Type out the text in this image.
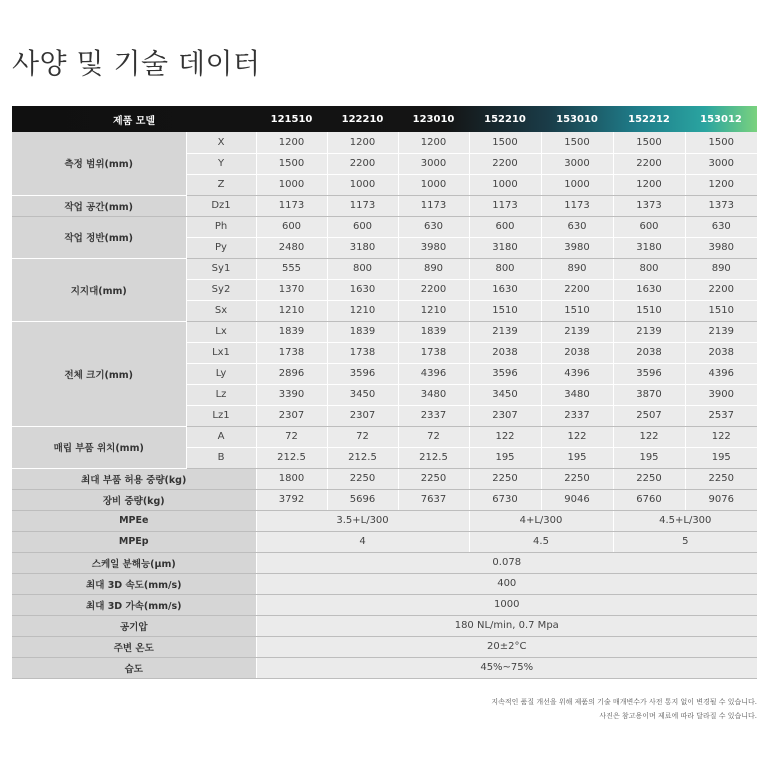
사양 및 기술 데이터
제품 모델		121510	122210	123010	152210	153010	152212	153012
측정 범위(mm)	X	1200	1200	1200	1500	1500	1500	1500
	Y	1500	2200	3000	2200	3000	2200	3000
	Z	1000	1000	1000	1000	1000	1200	1200
작업 공간(mm)	Dz1	1173	1173	1173	1173	1173	1373	1373
작업 정반(mm)	Ph	600	600	630	600	630	600	630
	Py	2480	3180	3980	3180	3980	3180	3980
지지대(mm)	Sy1	555	800	890	800	890	800	890
	Sy2	1370	1630	2200	1630	2200	1630	2200
	Sx	1210	1210	1210	1510	1510	1510	1510
전체 크기(mm)	Lx	1839	1839	1839	2139	2139	2139	2139
	Lx1	1738	1738	1738	2038	2038	2038	2038
	Ly	2896	3596	4396	3596	4396	3596	4396
	Lz	3390	3450	3480	3450	3480	3870	3900
	Lz1	2307	2307	2337	2307	2337	2507	2537
매립 부품 위치(mm)	A	72	72	72	122	122	122	122
	B	212.5	212.5	212.5	195	195	195	195
최대 부품 허용 중량(kg)		1800	2250	2250	2250	2250	2250	2250
장비 중량(kg)		3792	5696	7637	6730	9046	6760	9076
MPEe		3.5+L/300			4+L/300		4.5+L/300	
MPEp		4			4.5		5	
스케일 분해능(μm)		0.078						
최대 3D 속도(mm/s)		400						
최대 3D 가속(mm/s)		1000						
공기압		180 NL/min, 0.7 Mpa						
주변 온도		20±2°C						
습도		45%~75%						
지속적인 품질 개선을 위해 제품의 기술 매개변수가 사전 통지 없이 변경될 수 있습니다.
사진은 참고용이며 제료에 따라 달라질 수 있습니다.
